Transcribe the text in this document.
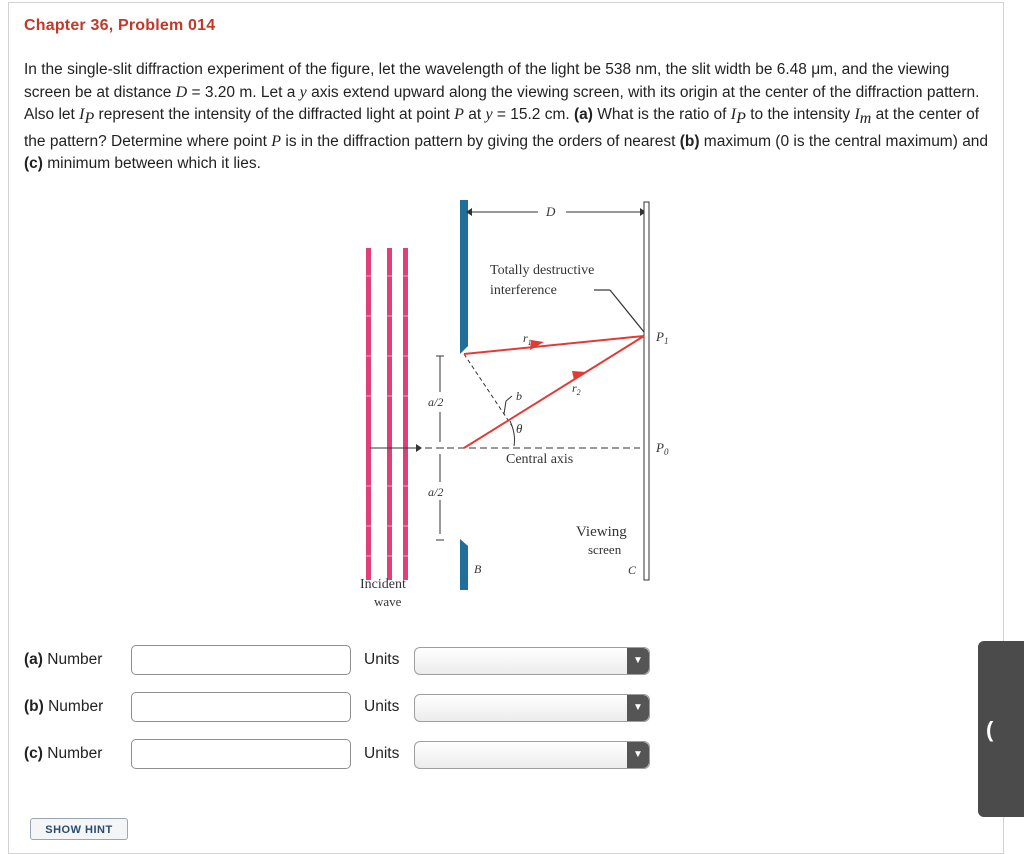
Chapter 36, Problem 014
In the single-slit diffraction experiment of the figure, let the wavelength of the light be 538 nm, the slit width be 6.48 μm, and the viewing screen be at distance D = 3.20 m. Let a y axis extend upward along the viewing screen, with its origin at the center of the diffraction pattern. Also let $I_P$ represent the intensity of the diffracted light at point P at y = 15.2 cm. (a) What is the ratio of $I_P$ to the intensity $I_m$ at the center of the pattern? Determine where point P is in the diffraction pattern by giving the orders of nearest (b) maximum (0 is the central maximum) and (c) minimum between which it lies.
a/2
a/2
D
Totally destructive
interference
$r_1$
$r_2$
b
θ
$P_1$
$P_0$
Central axis
Viewing
screen
C
B
Incident
wave
(a) Number	Units	▼
(b) Number	Units	▼
(c) Number	Units	▼
SHOW HINT
(
